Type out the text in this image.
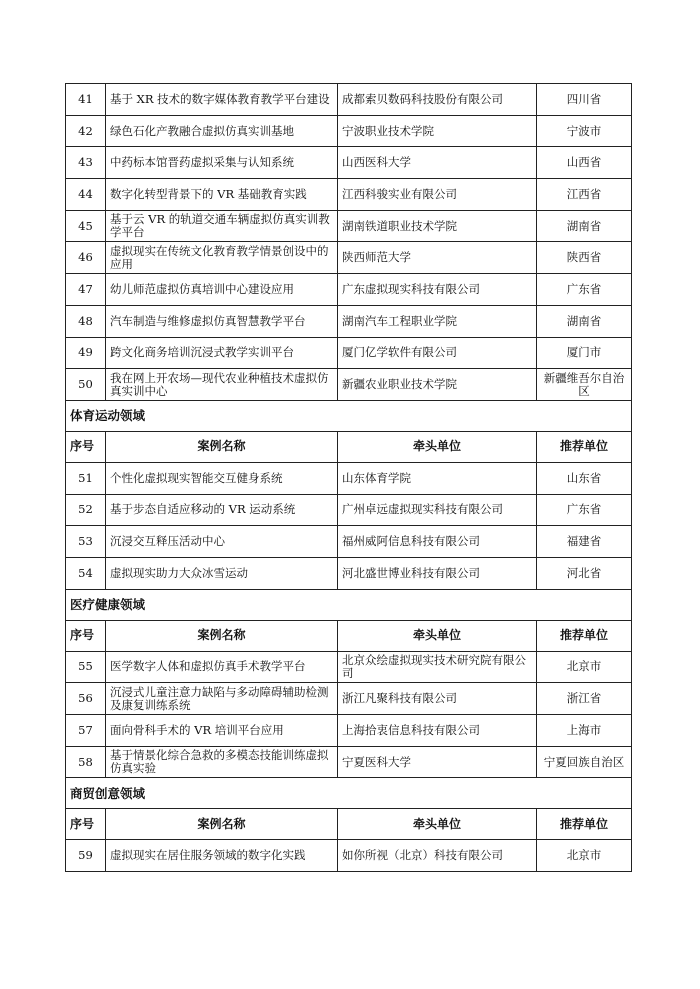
41	基于 XR 技术的数字媒体教育教学平台建设	成都索贝数码科技股份有限公司	四川省
42	绿色石化产教融合虚拟仿真实训基地	宁波职业技术学院	宁波市
43	中药标本馆晋药虚拟采集与认知系统	山西医科大学	山西省
44	数字化转型背景下的 VR 基础教育实践	江西科骏实业有限公司	江西省
45	基于云 VR 的轨道交通车辆虚拟仿真实训教学平台	湖南铁道职业技术学院	湖南省
46	虚拟现实在传统文化教育教学情景创设中的应用	陕西师范大学	陕西省
47	幼儿师范虚拟仿真培训中心建设应用	广东虚拟现实科技有限公司	广东省
48	汽车制造与维修虚拟仿真智慧教学平台	湖南汽车工程职业学院	湖南省
49	跨文化商务培训沉浸式教学实训平台	厦门亿学软件有限公司	厦门市
50	我在网上开农场—现代农业种植技术虚拟仿真实训中心	新疆农业职业技术学院	新疆维吾尔自治区
体育运动领域			
序号	案例名称	牵头单位	推荐单位
51	个性化虚拟现实智能交互健身系统	山东体育学院	山东省
52	基于步态自适应移动的 VR 运动系统	广州卓远虚拟现实科技有限公司	广东省
53	沉浸交互释压活动中心	福州威阿信息科技有限公司	福建省
54	虚拟现实助力大众冰雪运动	河北盛世博业科技有限公司	河北省
医疗健康领域			
序号	案例名称	牵头单位	推荐单位
55	医学数字人体和虚拟仿真手术教学平台	北京众绘虚拟现实技术研究院有限公司	北京市
56	沉浸式儿童注意力缺陷与多动障碍辅助检测及康复训练系统	浙江凡聚科技有限公司	浙江省
57	面向骨科手术的 VR 培训平台应用	上海拾衷信息科技有限公司	上海市
58	基于情景化综合急救的多模态技能训练虚拟仿真实验	宁夏医科大学	宁夏回族自治区
商贸创意领域			
序号	案例名称	牵头单位	推荐单位
59	虚拟现实在居住服务领域的数字化实践	如你所视（北京）科技有限公司	北京市
